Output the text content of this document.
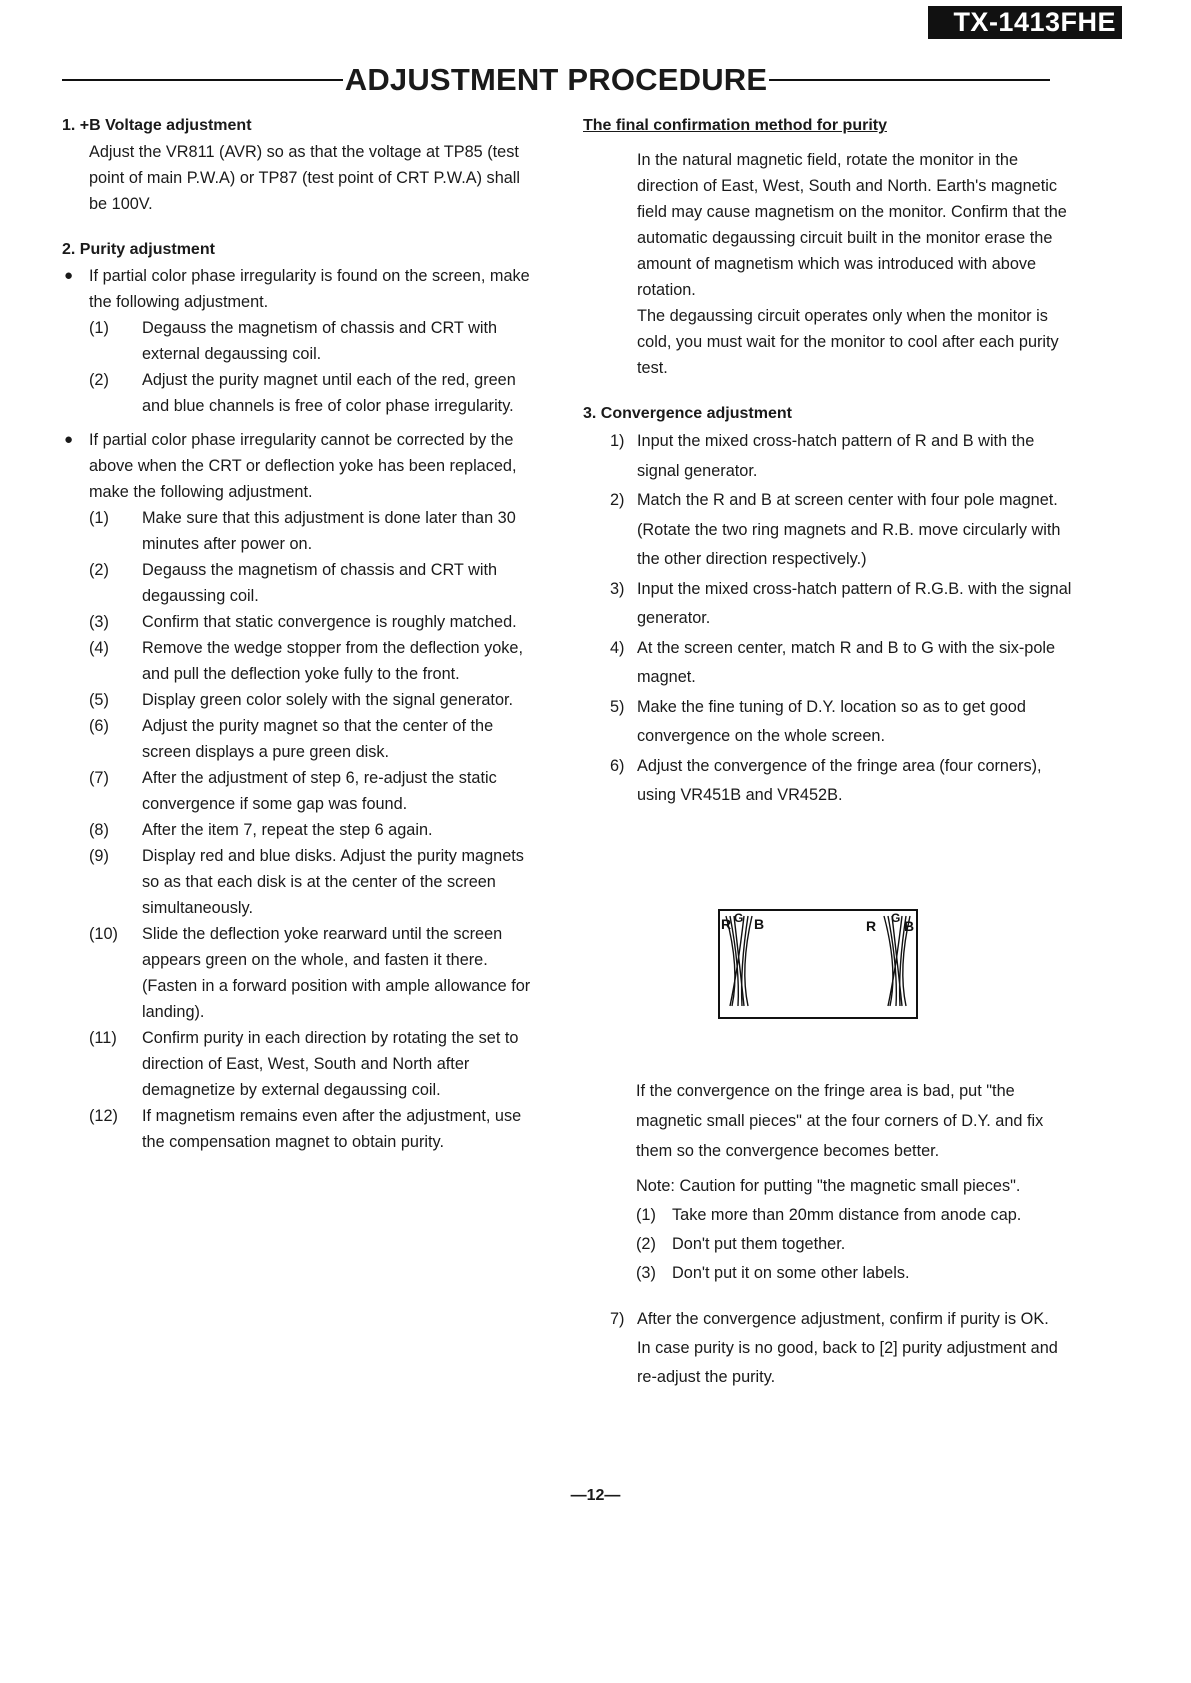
TX-1413FHE
ADJUSTMENT PROCEDURE

1. +B Voltage adjustment

Adjust the VR811 (AVR) so as that the voltage at TP85 (test point of main P.W.A) or TP87 (test point of CRT P.W.A) shall be 100V.

2. Purity adjustment

● If partial color phase irregularity is found on the screen, make the following adjustment.

(1) Degauss the magnetism of chassis and CRT with external degaussing coil.
(2) Adjust the purity magnet until each of the red, green and blue channels is free of color phase irregularity.

● If partial color phase irregularity cannot be corrected by the above when the CRT or deflection yoke has been replaced, make the following adjustment.

(1) Make sure that this adjustment is done later than 30 minutes after power on.
(2) Degauss the magnetism of chassis and CRT with degaussing coil.
(3) Confirm that static convergence is roughly matched.
(4) Remove the wedge stopper from the deflection yoke, and pull the deflection yoke fully to the front.
(5) Display green color solely with the signal generator.
(6) Adjust the purity magnet so that the center of the screen displays a pure green disk.
(7) After the adjustment of step 6, re-adjust the static convergence if some gap was found.
(8) After the item 7, repeat the step 6 again.
(9) Display red and blue disks. Adjust the purity magnets so as that each disk is at the center of the screen simultaneously.
(10) Slide the deflection yoke rearward until the screen appears green on the whole, and fasten it there. (Fasten in a forward position with ample allowance for landing).
(11) Confirm purity in each direction by rotating the set to direction of East, West, South and North after demagnetize by external degaussing coil.
(12) If magnetism remains even after the adjustment, use the compensation magnet to obtain purity.

The final confirmation method for purity

In the natural magnetic field, rotate the monitor in the direction of East, West, South and North. Earth's magnetic field may cause magnetism on the monitor. Confirm that the automatic degaussing circuit built in the monitor erase the amount of magnetism which was introduced with above rotation.

The degaussing circuit operates only when the monitor is cold, you must wait for the monitor to cool after each purity test.

3. Convergence adjustment

1) Input the mixed cross-hatch pattern of R and B with the signal generator.
2) Match the R and B at screen center with four pole magnet. (Rotate the two ring magnets and R.B. move circularly with the other direction respectively.)
3) Input the mixed cross-hatch pattern of R.G.B. with the signal generator.
4) At the screen center, match R and B to G with the six-pole magnet.
5) Make the fine tuning of D.Y. location so as to get good convergence on the whole screen.
6) Adjust the convergence of the fringe area (four corners), using VR451B and VR452B.
R G B	R G B
If the convergence on the fringe area is bad, put "the magnetic small pieces" at the four corners of D.Y. and fix them so the convergence becomes better.
Note: Caution for putting "the magnetic small pieces".
(1) Take more than 20mm distance from anode cap.
(2) Don't put them together.
(3) Don't put it on some other labels.
7) After the convergence adjustment, confirm if purity is OK.
In case purity is no good, back to [2] purity adjustment and re-adjust the purity.
—12—
